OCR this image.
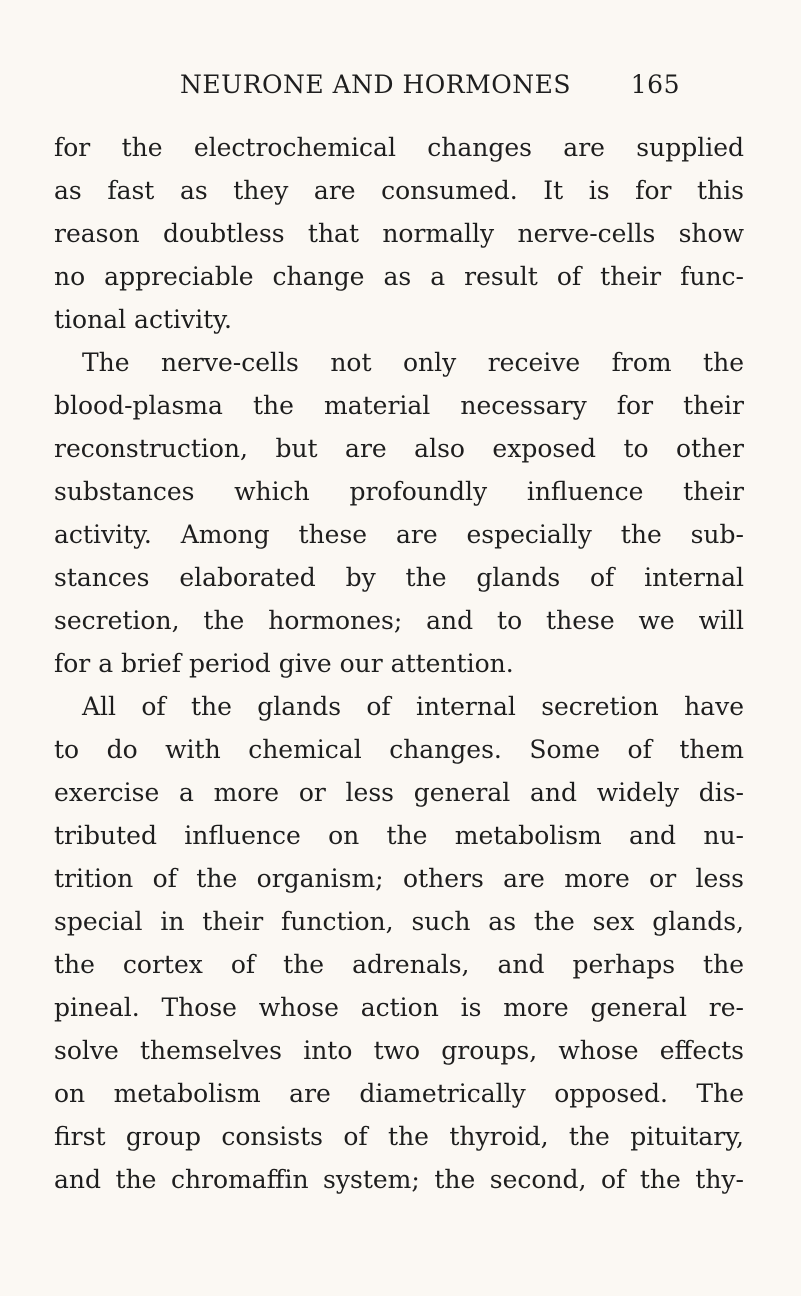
NEURONE AND HORMONES 165
for the electrochemical changes are supplied
as fast as they are consumed. It is for this
reason doubtless that normally nerve-cells show
no appreciable change as a result of their func-
tional activity.
The nerve-cells not only receive from the
blood-plasma the material necessary for their
reconstruction, but are also exposed to other
substances which profoundly influence their
activity. Among these are especially the sub-
stances elaborated by the glands of internal
secretion, the hormones; and to these we will
for a brief period give our attention.
All of the glands of internal secretion have
to do with chemical changes. Some of them
exercise a more or less general and widely dis-
tributed influence on the metabolism and nu-
trition of the organism; others are more or less
special in their function, such as the sex glands,
the cortex of the adrenals, and perhaps the
pineal. Those whose action is more general re-
solve themselves into two groups, whose effects
on metabolism are diametrically opposed. The
first group consists of the thyroid, the pituitary,
and the chromaffin system; the second, of the thy-
